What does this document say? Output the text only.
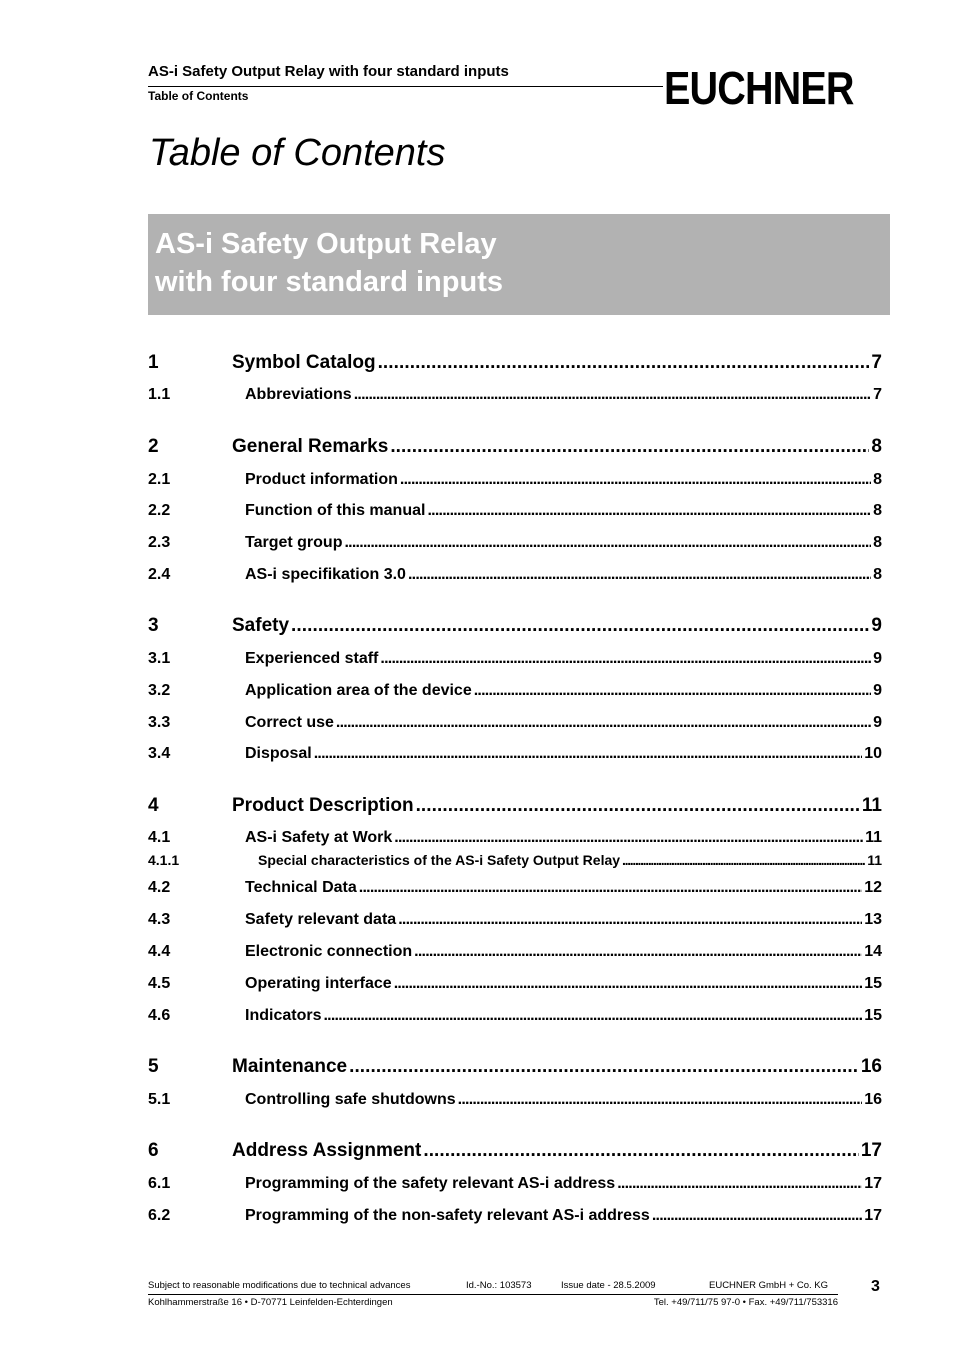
AS-i Safety Output Relay with four standard inputs
Table of Contents	EUCHNER
Table of Contents
AS-i Safety Output Relay
with four standard inputs
1	Symbol Catalog . . .	7
1.1	Abbreviations . . .	7
2	General Remarks . . .	8
2.1	Product information . . .	8
2.2	Function of this manual . . .	8
2.3	Target group . . .	8
2.4	AS-i specifikation 3.0 . . .	8
3	Safety . . .	9
3.1	Experienced staff . . .	9
3.2	Application area of the device . . .	9
3.3	Correct use . . .	9
3.4	Disposal . . .	10
4	Product Description . . .	11
4.1	AS-i Safety at Work . . .	11
4.1.1	Special characteristics of the AS-i Safety Output Relay . . .	11
4.2	Technical Data . . .	12
4.3	Safety relevant data . . .	13
4.4	Electronic connection . . .	14
4.5	Operating interface . . .	15
4.6	Indicators . . .	15
5	Maintenance . . .	16
5.1	Controlling safe shutdowns . . .	16
6	Address Assignment . . .	17
6.1	Programming of the safety relevant AS-i address . . .	17
6.2	Programming of the non-safety relevant AS-i address . . .	17
Subject to reasonable modifications due to technical advances	Id.-No.: 103573	Issue date - 28.5.2009	EUCHNER GmbH + Co. KG
Kohlhammerstraße 16 • D-70771 Leinfelden-Echterdingen	Tel. +49/711/75 97-0 • Fax. +49/711/753316
3
